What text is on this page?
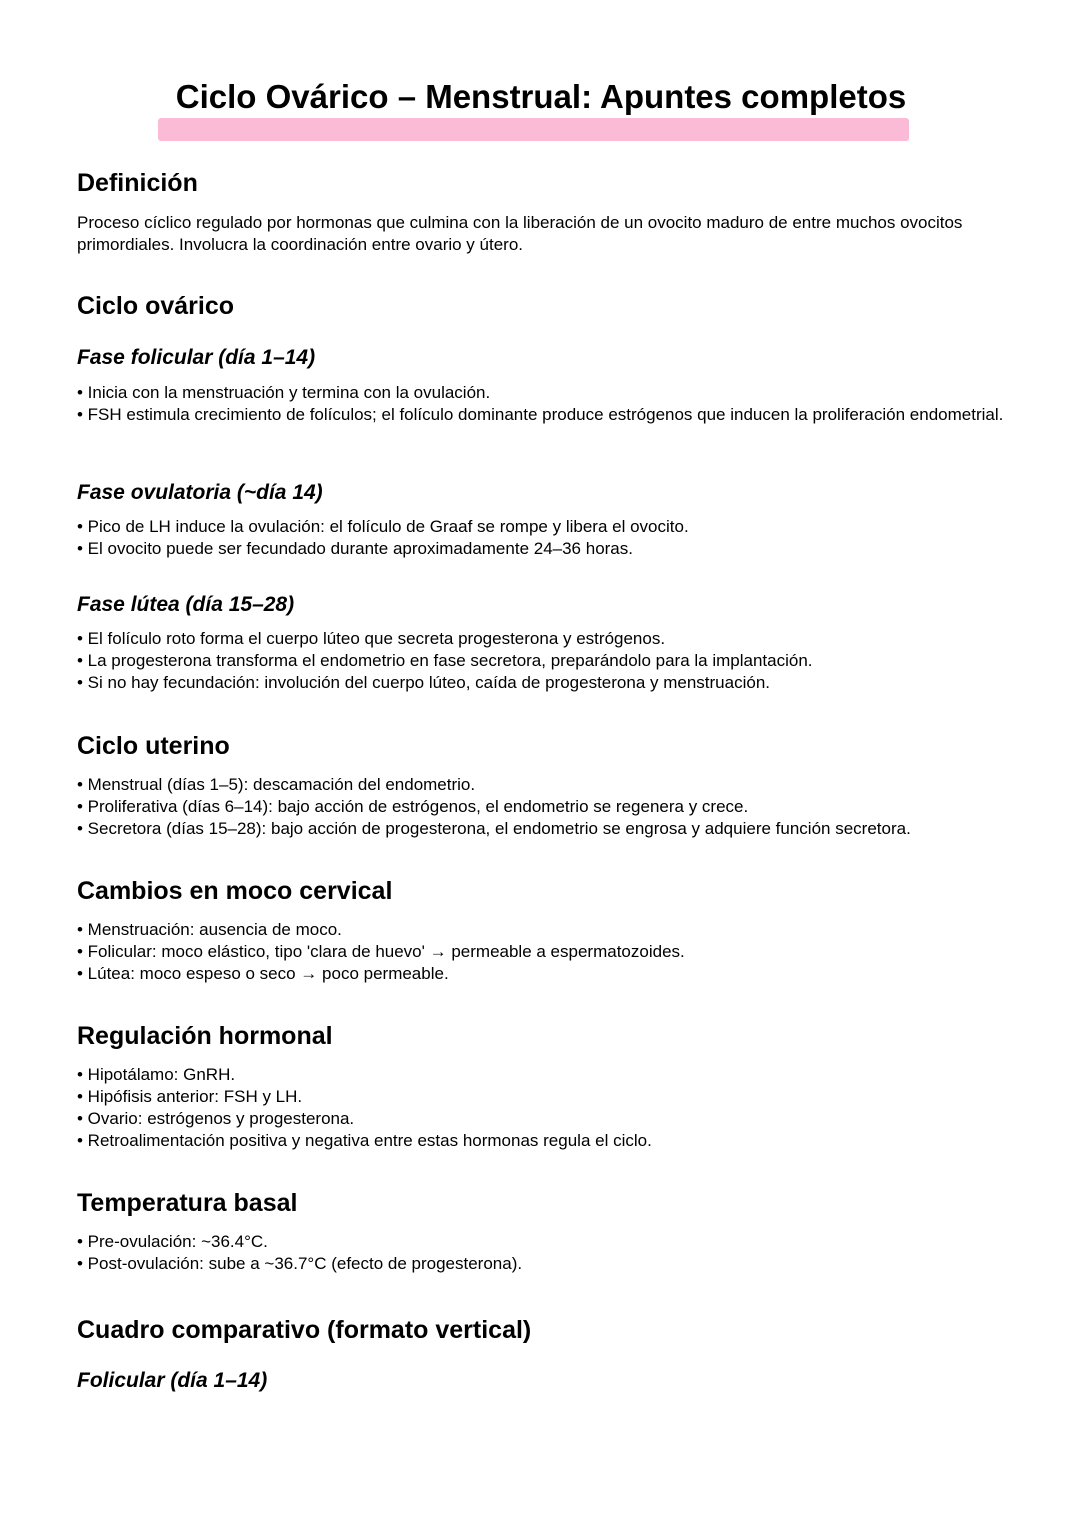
Ciclo Ovárico – Menstrual: Apuntes completos
Definición

Proceso cíclico regulado por hormonas que culmina con la liberación de un ovocito maduro de entre muchos ovocitos primordiales. Involucra la coordinación entre ovario y útero.

Ciclo ovárico
Fase folicular (día 1–14)
• Inicia con la menstruación y termina con la ovulación.
• FSH estimula crecimiento de folículos; el folículo dominante produce estrógenos que inducen la proliferación endometrial.
Fase ovulatoria (~día 14)
• Pico de LH induce la ovulación: el folículo de Graaf se rompe y libera el ovocito.
• El ovocito puede ser fecundado durante aproximadamente 24–36 horas.
Fase lútea (día 15–28)
• El folículo roto forma el cuerpo lúteo que secreta progesterona y estrógenos.
• La progesterona transforma el endometrio en fase secretora, preparándolo para la implantación.
• Si no hay fecundación: involución del cuerpo lúteo, caída de progesterona y menstruación.
Ciclo uterino
• Menstrual (días 1–5): descamación del endometrio.
• Proliferativa (días 6–14): bajo acción de estrógenos, el endometrio se regenera y crece.
• Secretora (días 15–28): bajo acción de progesterona, el endometrio se engrosa y adquiere función secretora.
Cambios en moco cervical
• Menstruación: ausencia de moco.
• Folicular: moco elástico, tipo 'clara de huevo' → permeable a espermatozoides.
• Lútea: moco espeso o seco → poco permeable.
Regulación hormonal
• Hipotálamo: GnRH.
• Hipófisis anterior: FSH y LH.
• Ovario: estrógenos y progesterona.
• Retroalimentación positiva y negativa entre estas hormonas regula el ciclo.
Temperatura basal
• Pre-ovulación: ~36.4°C.
• Post-ovulación: sube a ~36.7°C (efecto de progesterona).
Cuadro comparativo (formato vertical)
Folicular (día 1–14)
